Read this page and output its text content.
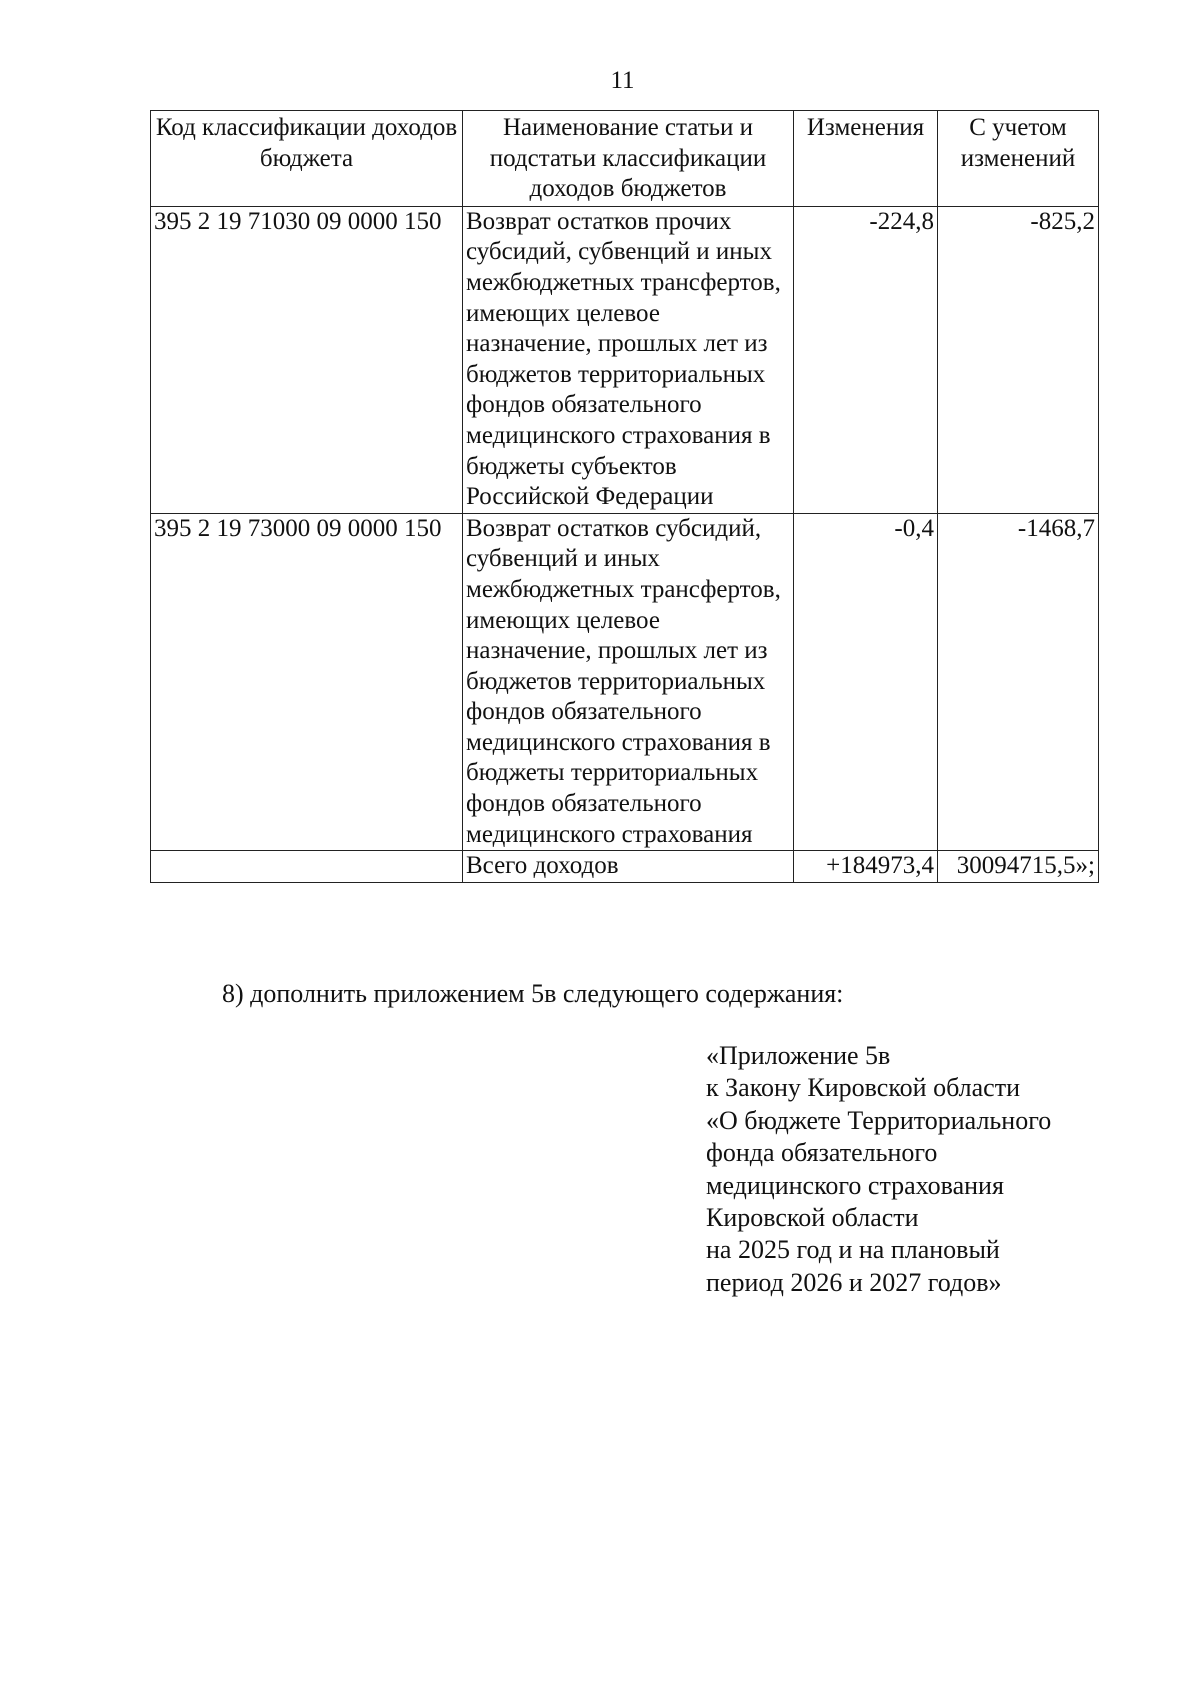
11
Код классификации доходов бюджета	Наименование статьи и подстатьи классификации доходов бюджетов	Изменения	С учетом изменений
395 2 19 71030 09 0000 150	Возврат остатков прочих субсидий, субвенций и иных межбюджетных трансфертов, имеющих целевое назначение, прошлых лет из бюджетов территориальных фондов обязательного медицинского страхования в бюджеты субъектов Российской Федерации	-224,8	-825,2
395 2 19 73000 09 0000 150	Возврат остатков субсидий, субвенций и иных межбюджетных трансфертов, имеющих целевое назначение, прошлых лет из бюджетов территориальных фондов обязательного медицинского страхования в бюджеты территориальных фондов обязательного медицинского страхования	-0,4	-1468,7
	Всего доходов	+184973,4	30094715,5»;
8) дополнить приложением 5в следующего содержания:
«Приложение 5в
к Закону Кировской области
«О бюджете Территориального
фонда обязательного
медицинского страхования
Кировской области
на 2025 год и на плановый
период 2026 и 2027 годов»
